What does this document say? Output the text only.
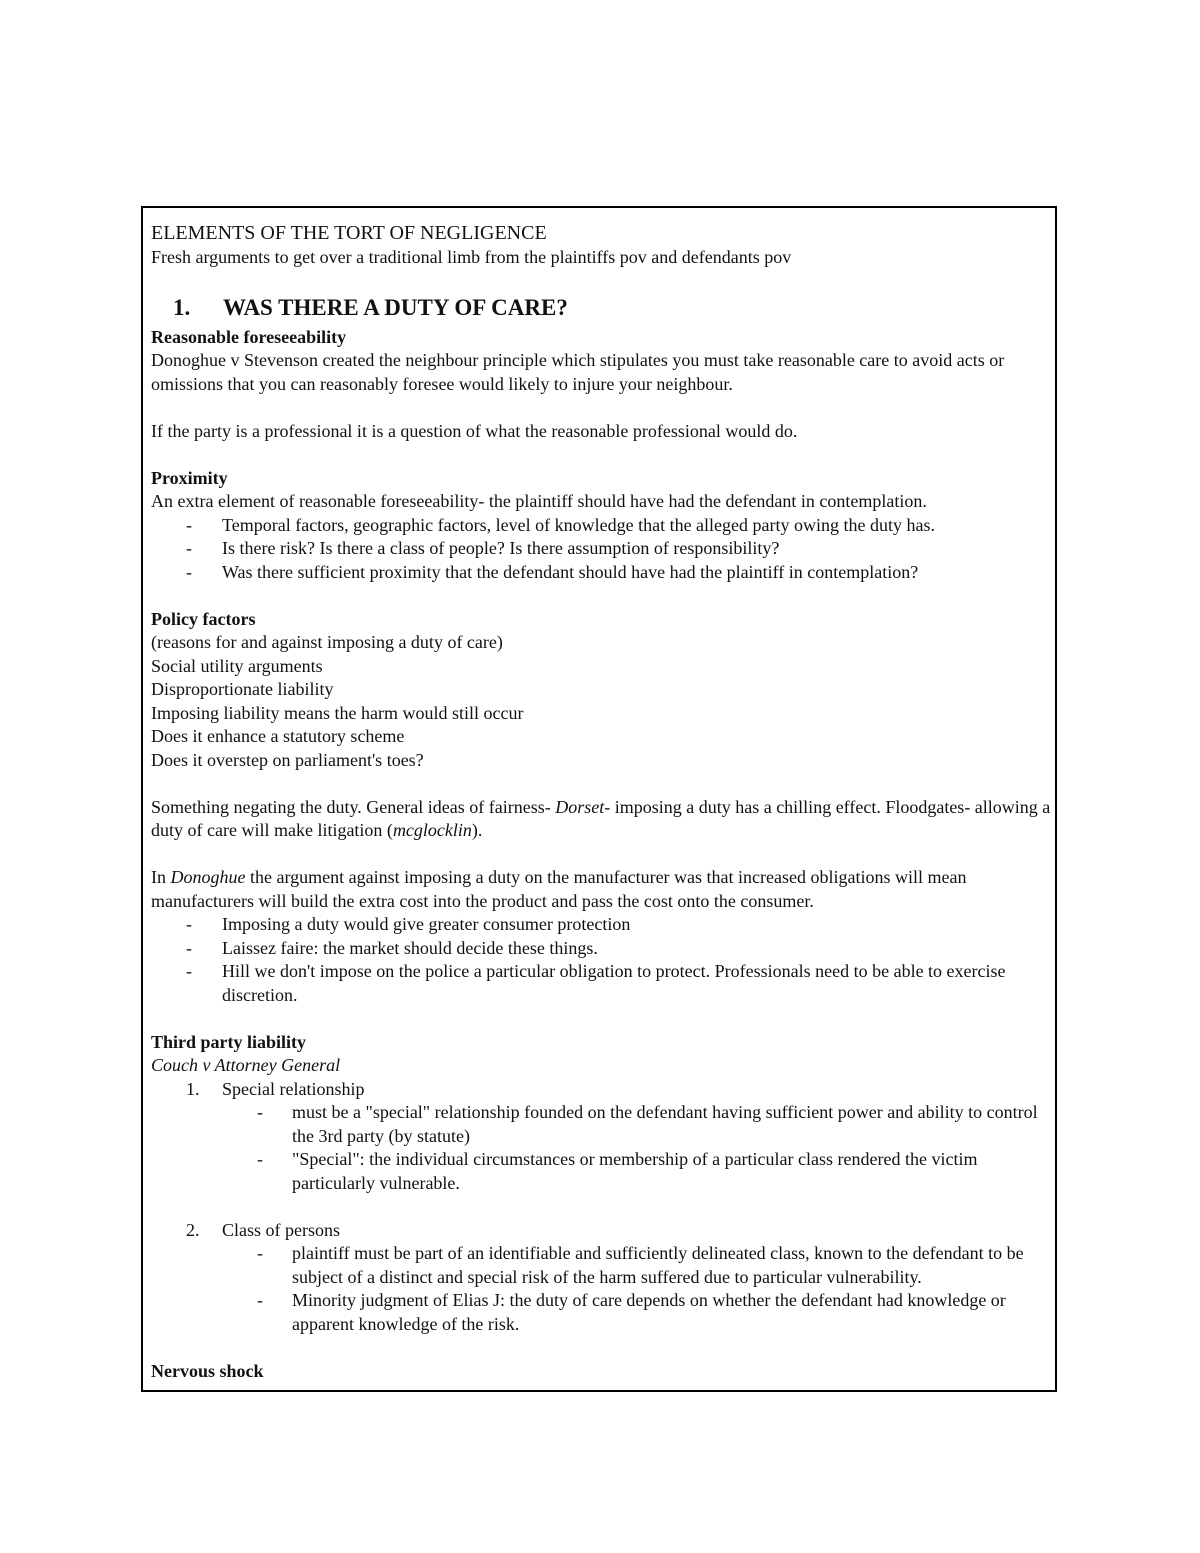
ELEMENTS OF THE TORT OF NEGLIGENCE

Fresh arguments to get over a traditional limb from the plaintiffs pov and defendants pov

1.	WAS THERE A DUTY OF CARE?

Reasonable foreseeability

Donoghue v Stevenson created the neighbour principle which stipulates you must take reasonable care to avoid acts or omissions that you can reasonably foresee would likely to injure your neighbour.

If the party is a professional it is a question of what the reasonable professional would do.

Proximity

An extra element of reasonable foreseeability- the plaintiff should have had the defendant in contemplation.

- Temporal factors, geographic factors, level of knowledge that the alleged party owing the duty has.
- Is there risk? Is there a class of people? Is there assumption of responsibility?
- Was there sufficient proximity that the defendant should have had the plaintiff in contemplation?

Policy factors

(reasons for and against imposing a duty of care)

Social utility arguments

Disproportionate liability

Imposing liability means the harm would still occur

Does it enhance a statutory scheme

Does it overstep on parliament's toes?

Something negating the duty. General ideas of fairness- Dorset- imposing a duty has a chilling effect. Floodgates- allowing a duty of care will make litigation (mcglocklin).

In Donoghue the argument against imposing a duty on the manufacturer was that increased obligations will mean manufacturers will build the extra cost into the product and pass the cost onto the consumer.

- Imposing a duty would give greater consumer protection
- Laissez faire: the market should decide these things.
- Hill we don't impose on the police a particular obligation to protect. Professionals need to be able to exercise discretion.

Third party liability

Couch v Attorney General

1. Special relationship
- must be a "special" relationship founded on the defendant having sufficient power and ability to control the 3rd party (by statute)
- "Special": the individual circumstances or membership of a particular class rendered the victim particularly vulnerable.
2. Class of persons
- plaintiff must be part of an identifiable and sufficiently delineated class, known to the defendant to be subject of a distinct and special risk of the harm suffered due to particular vulnerability.
- Minority judgment of Elias J: the duty of care depends on whether the defendant had knowledge or apparent knowledge of the risk.

Nervous shock
